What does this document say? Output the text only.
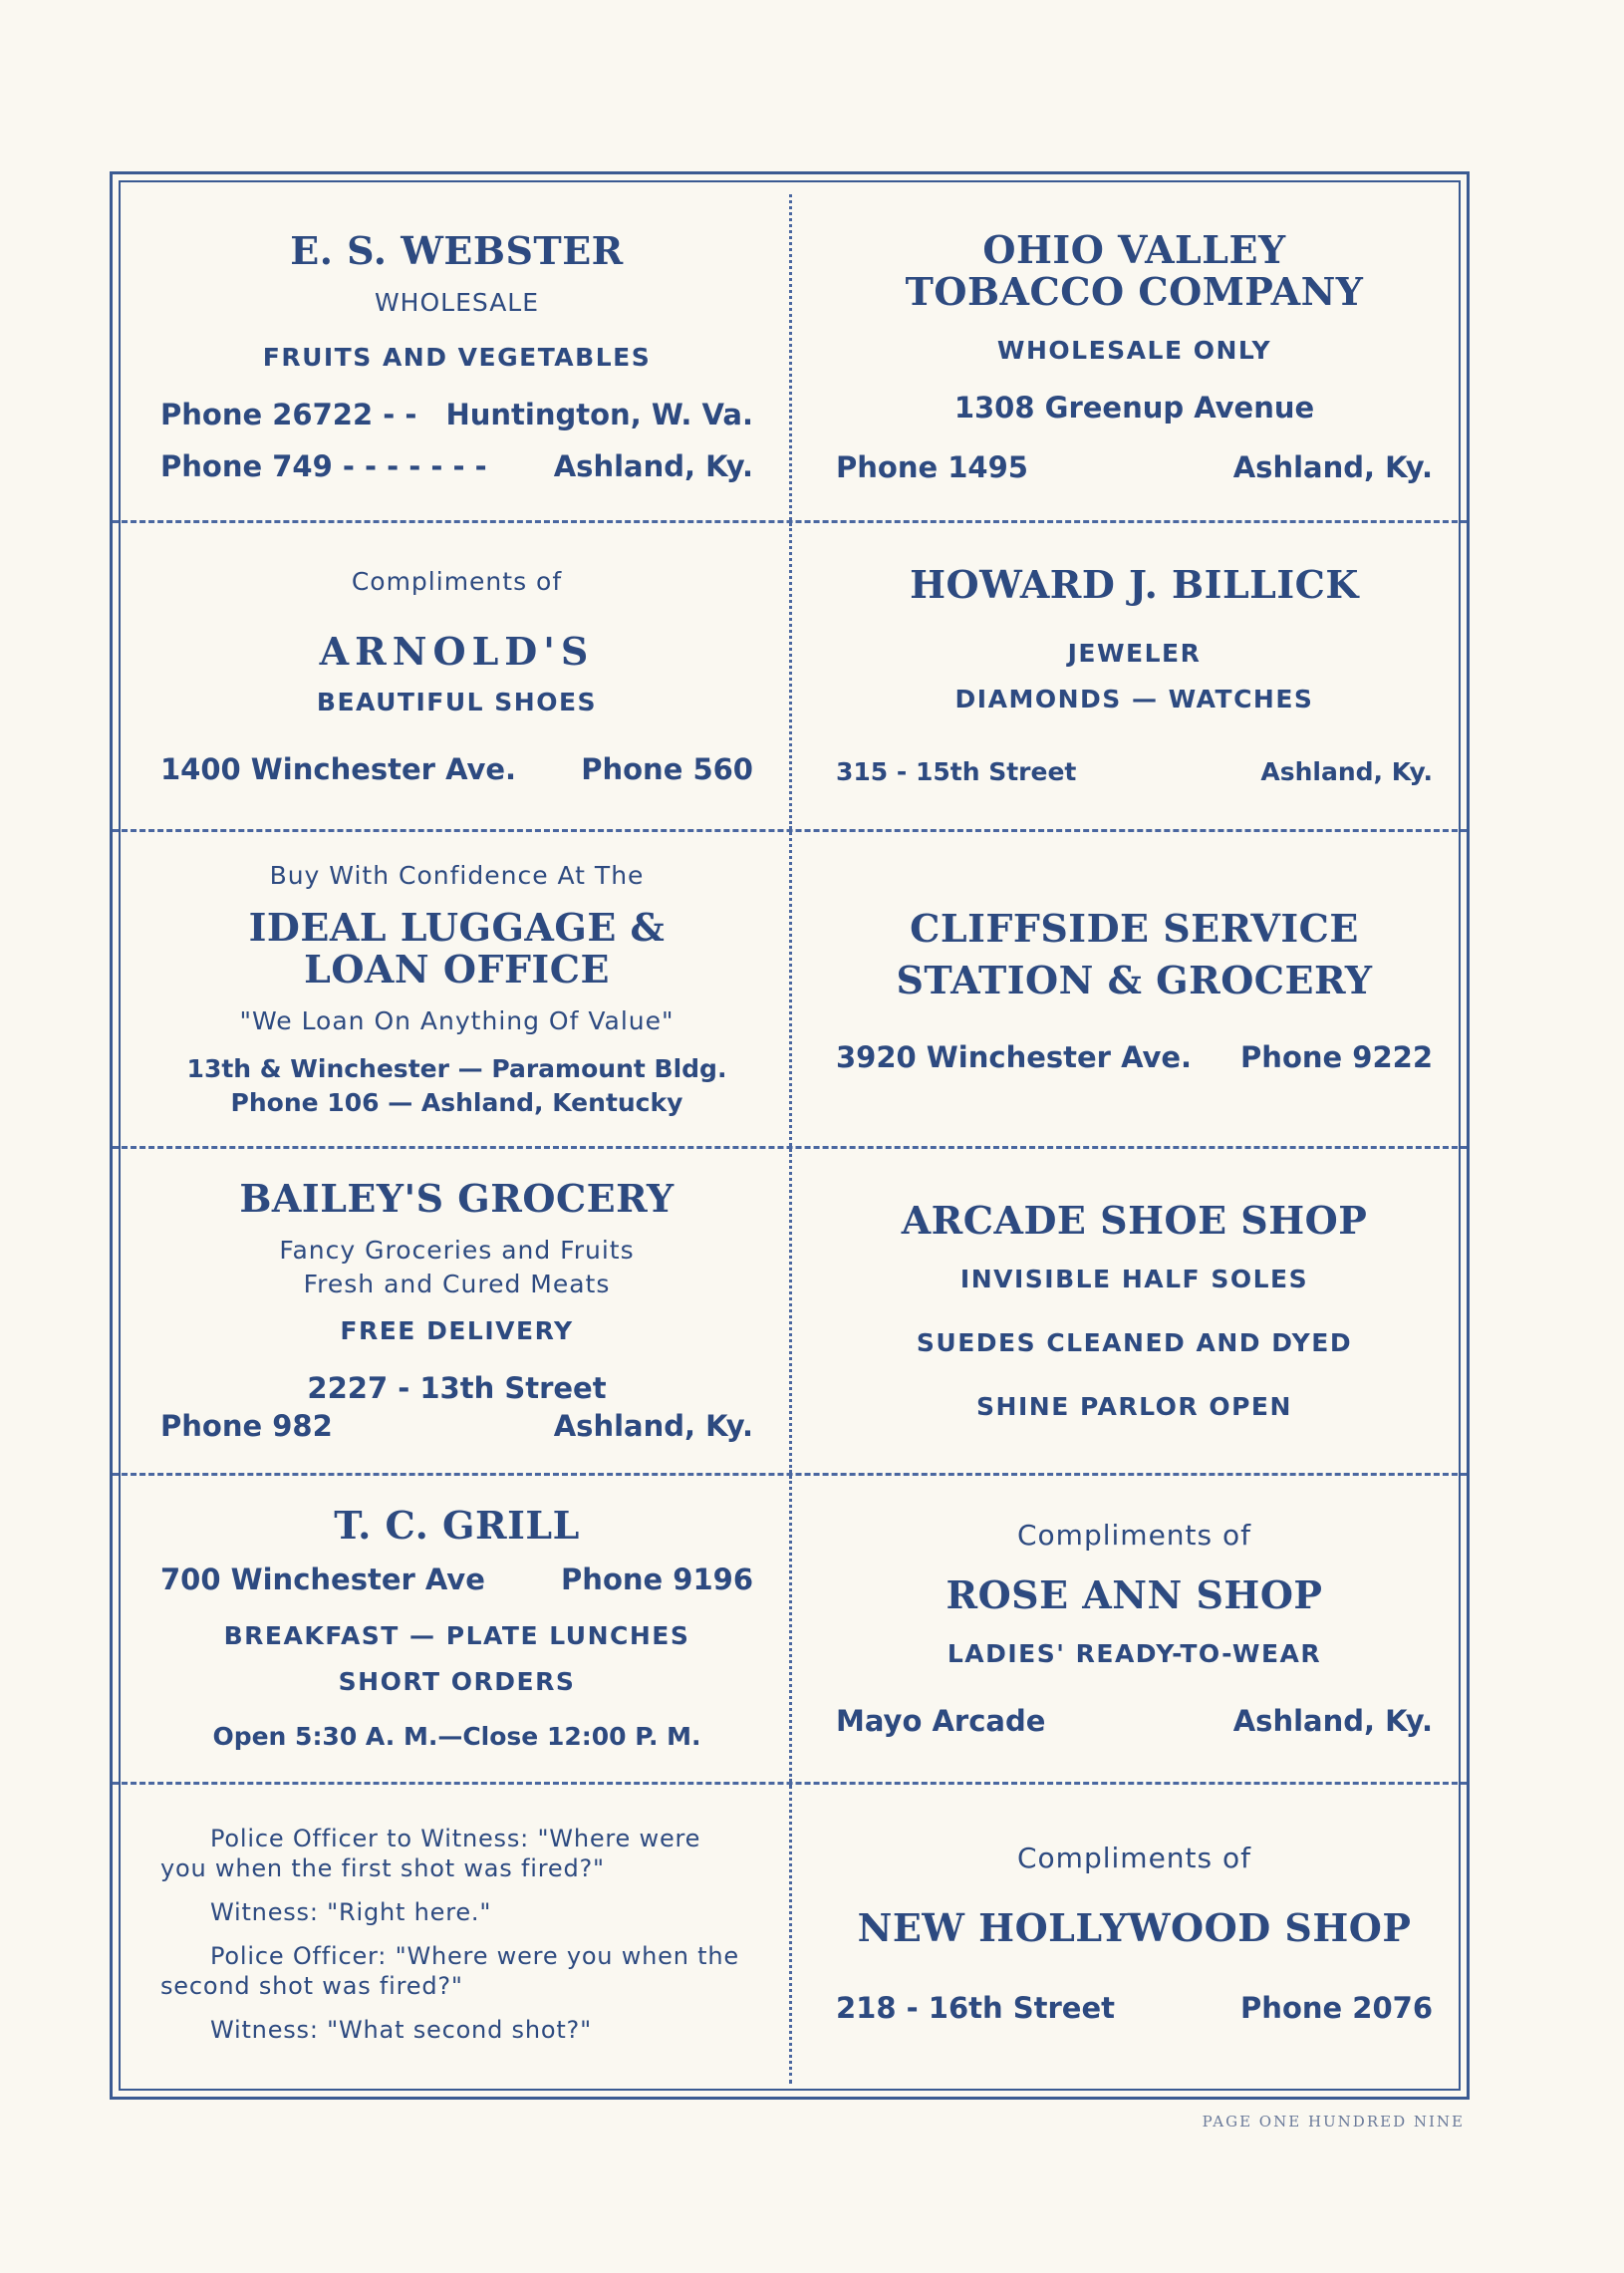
E. S. WEBSTER
WHOLESALE
FRUITS AND VEGETABLES
Phone 26722 - - Huntington, W. Va.
Phone 749 - - - - - - - Ashland, Ky.
OHIO VALLEY TOBACCO COMPANY
WHOLESALE ONLY
1308 Greenup Avenue
Phone 1495	Ashland, Ky.
Compliments of
ARNOLD'S
BEAUTIFUL SHOES
1400 Winchester Ave. Phone 560
HOWARD J. BILLICK
JEWELER
DIAMONDS — WATCHES
315 - 15th Street	Ashland, Ky.
Buy With Confidence At The
IDEAL LUGGAGE & LOAN OFFICE
"We Loan On Anything Of Value"
13th & Winchester — Paramount Bldg.
Phone 106 — Ashland, Kentucky
CLIFFSIDE SERVICE STATION & GROCERY
3920 Winchester Ave. Phone 9222
BAILEY'S GROCERY
Fancy Groceries and Fruits
Fresh and Cured Meats
FREE DELIVERY
2227 - 13th Street
Phone 982	Ashland, Ky.
ARCADE SHOE SHOP
INVISIBLE HALF SOLES
SUEDES CLEANED AND DYED
SHINE PARLOR OPEN
T. C. GRILL
700 Winchester Ave	Phone 9196
BREAKFAST — PLATE LUNCHES
SHORT ORDERS
Open 5:30 A. M.—Close 12:00 P. M.
Compliments of
ROSE ANN SHOP
LADIES' READY-TO-WEAR
Mayo Arcade	Ashland, Ky.
Police Officer to Witness: "Where were you when the first shot was fired?"
Witness: "Right here."
Police Officer: "Where were you when the second shot was fired?"
Witness: "What second shot?"
Compliments of
NEW HOLLYWOOD SHOP
218 - 16th Street	Phone 2076
PAGE ONE HUNDRED NINE
